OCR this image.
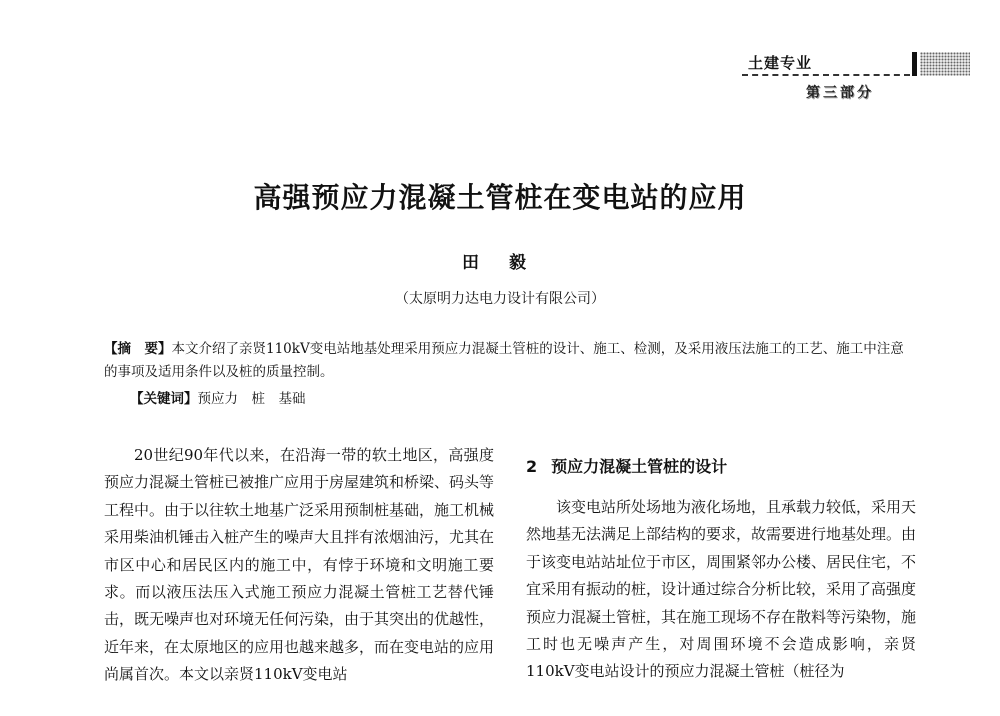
土建专业
第三部分
高强预应力混凝土管桩在变电站的应用
田 毅
（太原明力达电力设计有限公司）
【摘　要】本文介绍了亲贤110kV变电站地基处理采用预应力混凝土管桩的设计、施工、检测，及采用液压法施工的工艺、施工中注意的事项及适用条件以及桩的质量控制。
【关键词】预应力　桩　基础

20世纪90年代以来，在沿海一带的软土地区，高强度预应力混凝土管桩已被推广应用于房屋建筑和桥梁、码头等工程中。由于以往软土地基广泛采用预制桩基础，施工机械采用柴油机锤击入桩产生的噪声大且拌有浓烟油污，尤其在市区中心和居民区内的施工中，有悖于环境和文明施工要求。而以液压法压入式施工预应力混凝土管桩工艺替代锤击，既无噪声也对环境无任何污染，由于其突出的优越性，近年来，在太原地区的应用也越来越多，而在变电站的应用尚属首次。本文以亲贤110kV变电站

2 预应力混凝土管桩的设计

该变电站所处场地为液化场地，且承载力较低，采用天然地基无法满足上部结构的要求，故需要进行地基处理。由于该变电站站址位于市区，周围紧邻办公楼、居民住宅，不宜采用有振动的桩，设计通过综合分析比较，采用了高强度预应力混凝土管桩，其在施工现场不存在散料等污染物，施工时也无噪声产生，对周围环境不会造成影响，亲贤110kV变电站设计的预应力混凝土管桩（桩径为
